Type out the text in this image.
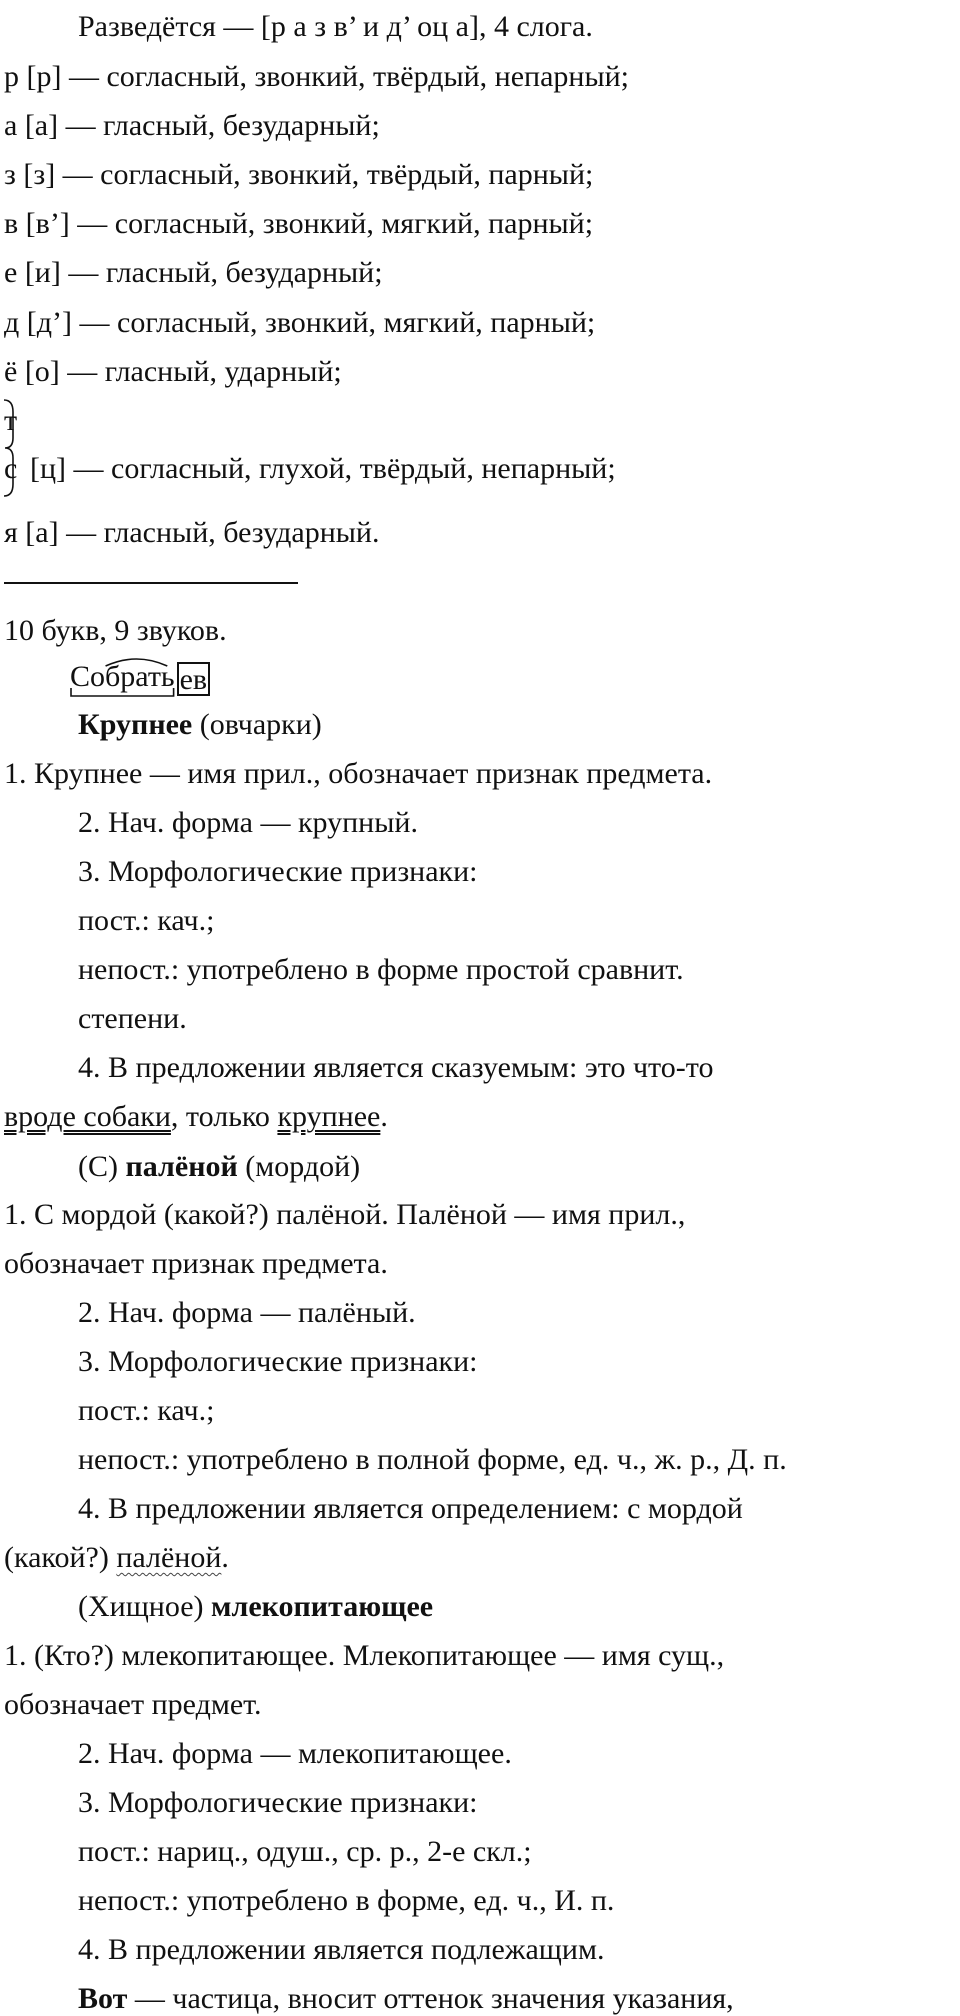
Разведётся — [р а з в’ и д’ оц а], 4 слога.
р [р] — согласный, звонкий, твёрдый, непарный;
а [а] — гласный, безударный;
з [з] — согласный, звонкий, твёрдый, парный;
в [в’] — согласный, звонкий, мягкий, парный;
е [и] — гласный, безударный;
д [д’] — согласный, звонкий, мягкий, парный;
ё [о] — гласный, ударный;
т
с [ц] — согласный, глухой, твёрдый, непарный;
я [а] — гласный, безударный.
10 букв, 9 звуков.
Собрать ев
Крупнее (овчарки)
1. Крупнее — имя прил., обозначает признак предмета.
2. Нач. форма — крупный.
3. Морфологические признаки:
пост.: кач.;
непост.: употреблено в форме простой сравнит.
степени.
4. В предложении является сказуемым: это что-то
вроде собаки, только крупнее.
(С) палёной (мордой)
1. С мордой (какой?) палёной. Палёной — имя прил.,
обозначает признак предмета.
2. Нач. форма — палёный.
3. Морфологические признаки:
пост.: кач.;
непост.: употреблено в полной форме, ед. ч., ж. р., Д. п.
4. В предложении является определением: с мордой
(какой?) палёной.
(Хищное) млекопитающее
1. (Кто?) млекопитающее. Млекопитающее — имя сущ.,
обозначает предмет.
2. Нач. форма — млекопитающее.
3. Морфологические признаки:
пост.: нариц., одуш., ср. р., 2-е скл.;
непост.: употреблено в форме, ед. ч., И. п.
4. В предложении является подлежащим.
Вот — частица, вносит оттенок значения указания,
